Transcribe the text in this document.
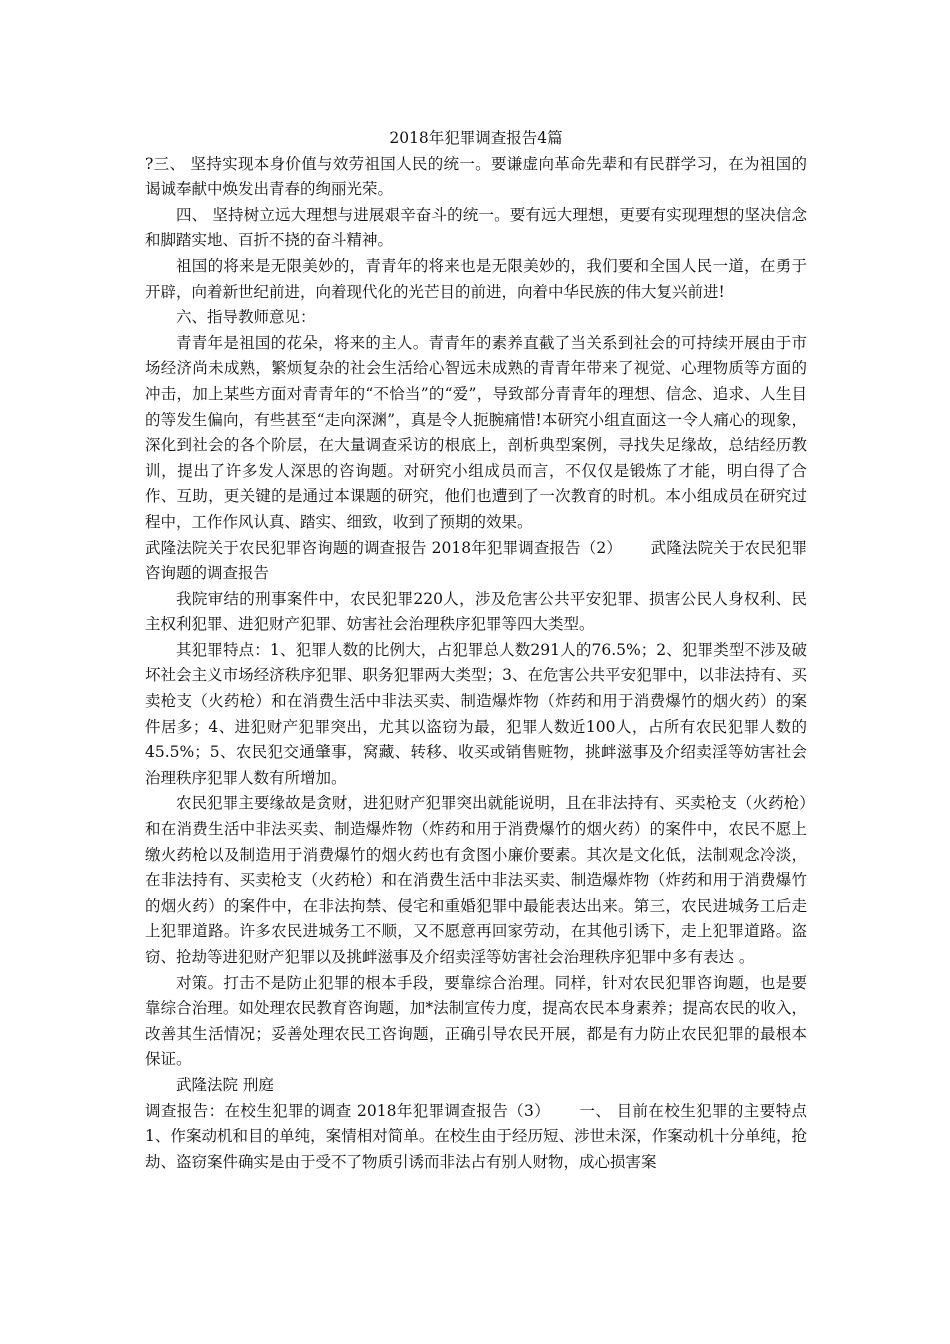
2018年犯罪调查报告4篇

?三、 坚持实现本身价值与效劳祖国人民的统一。要谦虚向革命先辈和有民群学习，在为祖国的谒诚奉献中焕发出青春的绚丽光荣。

四、 坚持树立远大理想与进展艰辛奋斗的统一。要有远大理想，更要有实现理想的坚决信念和脚踏实地、百折不挠的奋斗精神。

祖国的将来是无限美妙的，青青年的将来也是无限美妙的，我们要和全国人民一道，在勇于开辟，向着新世纪前进，向着现代化的光芒目的前进，向着中华民族的伟大复兴前进!

六、指导教师意见：

青青年是祖国的花朵，将来的主人。青青年的素养直截了当关系到社会的可持续开展由于市场经济尚未成熟，繁烦复杂的社会生活给心智远未成熟的青青年带来了视觉、心理物质等方面的冲击，加上某些方面对青青年的“不恰当”的“爱”，导致部分青青年的理想、信念、追求、人生目的等发生偏向，有些甚至“走向深渊”，真是令人扼腕痛惜!本研究小组直面这一令人痛心的现象，深化到社会的各个阶层，在大量调查采访的根底上，剖析典型案例，寻找失足缘故，总结经历教训，提出了许多发人深思的咨询题。对研究小组成员而言，不仅仅是锻炼了才能，明白得了合作、互助，更关键的是通过本课题的研究，他们也遭到了一次教育的时机。本小组成员在研究过程中，工作作风认真、踏实、细致，收到了预期的效果。

武隆法院关于农民犯罪咨询题的调查报告 2018年犯罪调查报告（2）　　 武隆法院关于农民犯罪咨询题的调查报告

我院审结的刑事案件中，农民犯罪220人，涉及危害公共平安犯罪、损害公民人身权利、民主权利犯罪、进犯财产犯罪、妨害社会治理秩序犯罪等四大类型。

其犯罪特点：1、犯罪人数的比例大，占犯罪总人数291人的76.5%；2、犯罪类型不涉及破坏社会主义市场经济秩序犯罪、职务犯罪两大类型；3、在危害公共平安犯罪中，以非法持有、买卖枪支（火药枪）和在消费生活中非法买卖、制造爆炸物（炸药和用于消费爆竹的烟火药）的案件居多；4、进犯财产犯罪突出，尤其以盗窃为最，犯罪人数近100人，占所有农民犯罪人数的45.5%；5、农民犯交通肇事，窝藏、转移、收买或销售赃物，挑衅滋事及介绍卖淫等妨害社会治理秩序犯罪人数有所增加。

农民犯罪主要缘故是贪财，进犯财产犯罪突出就能说明，且在非法持有、买卖枪支（火药枪）和在消费生活中非法买卖、制造爆炸物（炸药和用于消费爆竹的烟火药）的案件中，农民不愿上缴火药枪以及制造用于消费爆竹的烟火药也有贪图小廉价要素。其次是文化低，法制观念冷淡，在非法持有、买卖枪支（火药枪）和在消费生活中非法买卖、制造爆炸物（炸药和用于消费爆竹的烟火药）的案件中，在非法拘禁、侵宅和重婚犯罪中最能表达出来。第三，农民进城务工后走上犯罪道路。许多农民进城务工不顺，又不愿意再回家劳动，在其他引诱下，走上犯罪道路。盗窃、抢劫等进犯财产犯罪以及挑衅滋事及介绍卖淫等妨害社会治理秩序犯罪中多有表达 。

对策。打击不是防止犯罪的根本手段，要靠综合治理。同样，针对农民犯罪咨询题，也是要靠综合治理。如处理农民教育咨询题，加*法制宣传力度，提高农民本身素养；提高农民的收入，改善其生活情况；妥善处理农民工咨询题，正确引导农民开展，都是有力防止农民犯罪的最根本保证。

武隆法院 刑庭

调查报告：在校生犯罪的调查 2018年犯罪调查报告（3）　　 一、 目前在校生犯罪的主要特点 1、作案动机和目的单纯，案情相对简单。在校生由于经历短、涉世未深，作案动机十分单纯，抢劫、盗窃案件确实是由于受不了物质引诱而非法占有别人财物，成心损害案
